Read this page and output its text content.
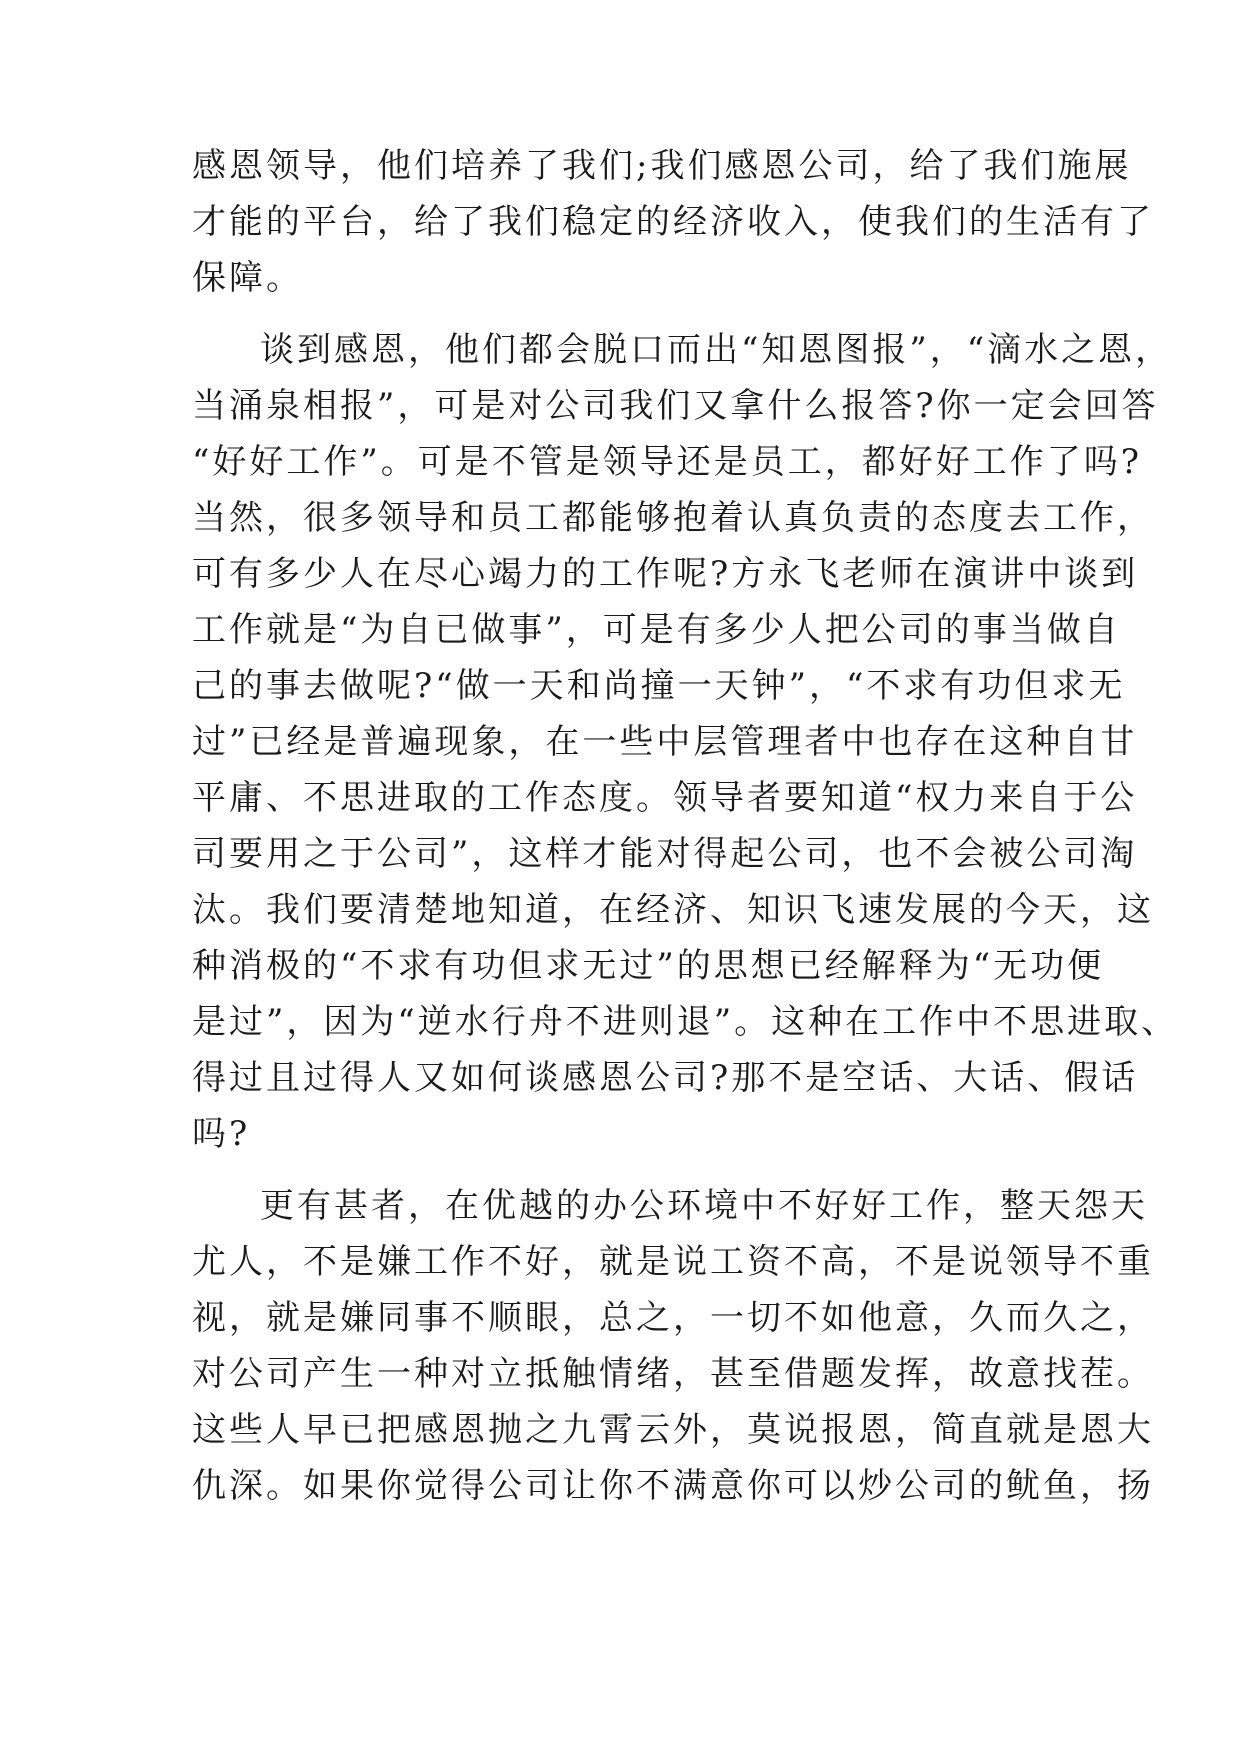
感恩领导，他们培养了我们;我们感恩公司，给了我们施展
才能的平台，给了我们稳定的经济收入，使我们的生活有了
保障。
谈到感恩，他们都会脱口而出“知恩图报”，“滴水之恩，
当涌泉相报”，可是对公司我们又拿什么报答?你一定会回答
“好好工作”。可是不管是领导还是员工，都好好工作了吗?
当然，很多领导和员工都能够抱着认真负责的态度去工作，
可有多少人在尽心竭力的工作呢?方永飞老师在演讲中谈到
工作就是“为自已做事”，可是有多少人把公司的事当做自
己的事去做呢?“做一天和尚撞一天钟”，“不求有功但求无
过”已经是普遍现象，在一些中层管理者中也存在这种自甘
平庸、不思进取的工作态度。领导者要知道“权力来自于公
司要用之于公司”，这样才能对得起公司，也不会被公司淘
汰。我们要清楚地知道，在经济、知识飞速发展的今天，这
种消极的“不求有功但求无过”的思想已经解释为“无功便
是过”，因为“逆水行舟不进则退”。这种在工作中不思进取、
得过且过得人又如何谈感恩公司?那不是空话、大话、假话
吗?
更有甚者，在优越的办公环境中不好好工作，整天怨天
尤人，不是嫌工作不好，就是说工资不高，不是说领导不重
视，就是嫌同事不顺眼，总之，一切不如他意，久而久之，
对公司产生一种对立抵触情绪，甚至借题发挥，故意找茬。
这些人早已把感恩抛之九霄云外，莫说报恩，简直就是恩大
仇深。如果你觉得公司让你不满意你可以炒公司的鱿鱼，扬
